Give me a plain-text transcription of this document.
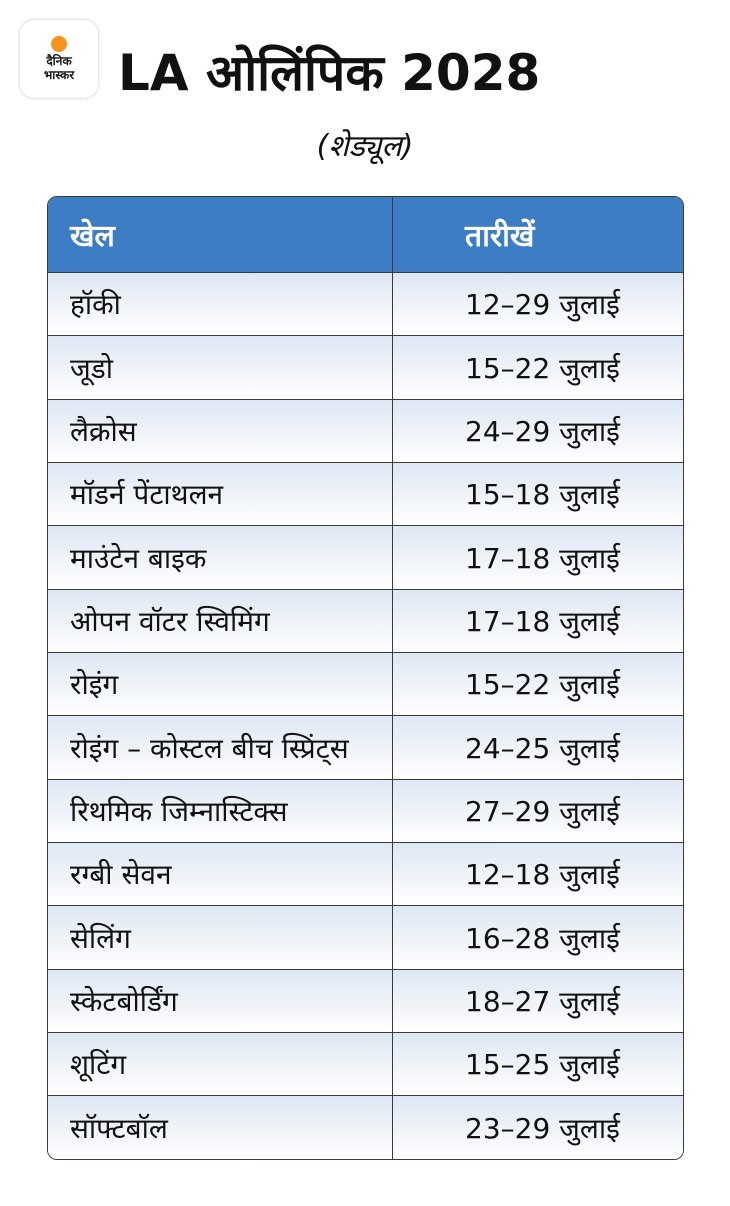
दैनिक
भास्कर LA ओलिंपिक 2028
(शेड्यूल)
खेल	तारीखें
हॉकी	12–29 जुलाई
जूडो	15–22 जुलाई
लैक्रोस	24–29 जुलाई
मॉडर्न पेंटाथलन	15–18 जुलाई
माउंटेन बाइक	17–18 जुलाई
ओपन वॉटर स्विमिंग	17–18 जुलाई
रोइंग	15–22 जुलाई
रोइंग – कोस्टल बीच स्प्रिंट्स	24–25 जुलाई
रिथमिक जिम्नास्टिक्स	27–29 जुलाई
रग्बी सेवन	12–18 जुलाई
सेलिंग	16–28 जुलाई
स्केटबोर्डिंग	18–27 जुलाई
शूटिंग	15–25 जुलाई
सॉफ्टबॉल	23–29 जुलाई
